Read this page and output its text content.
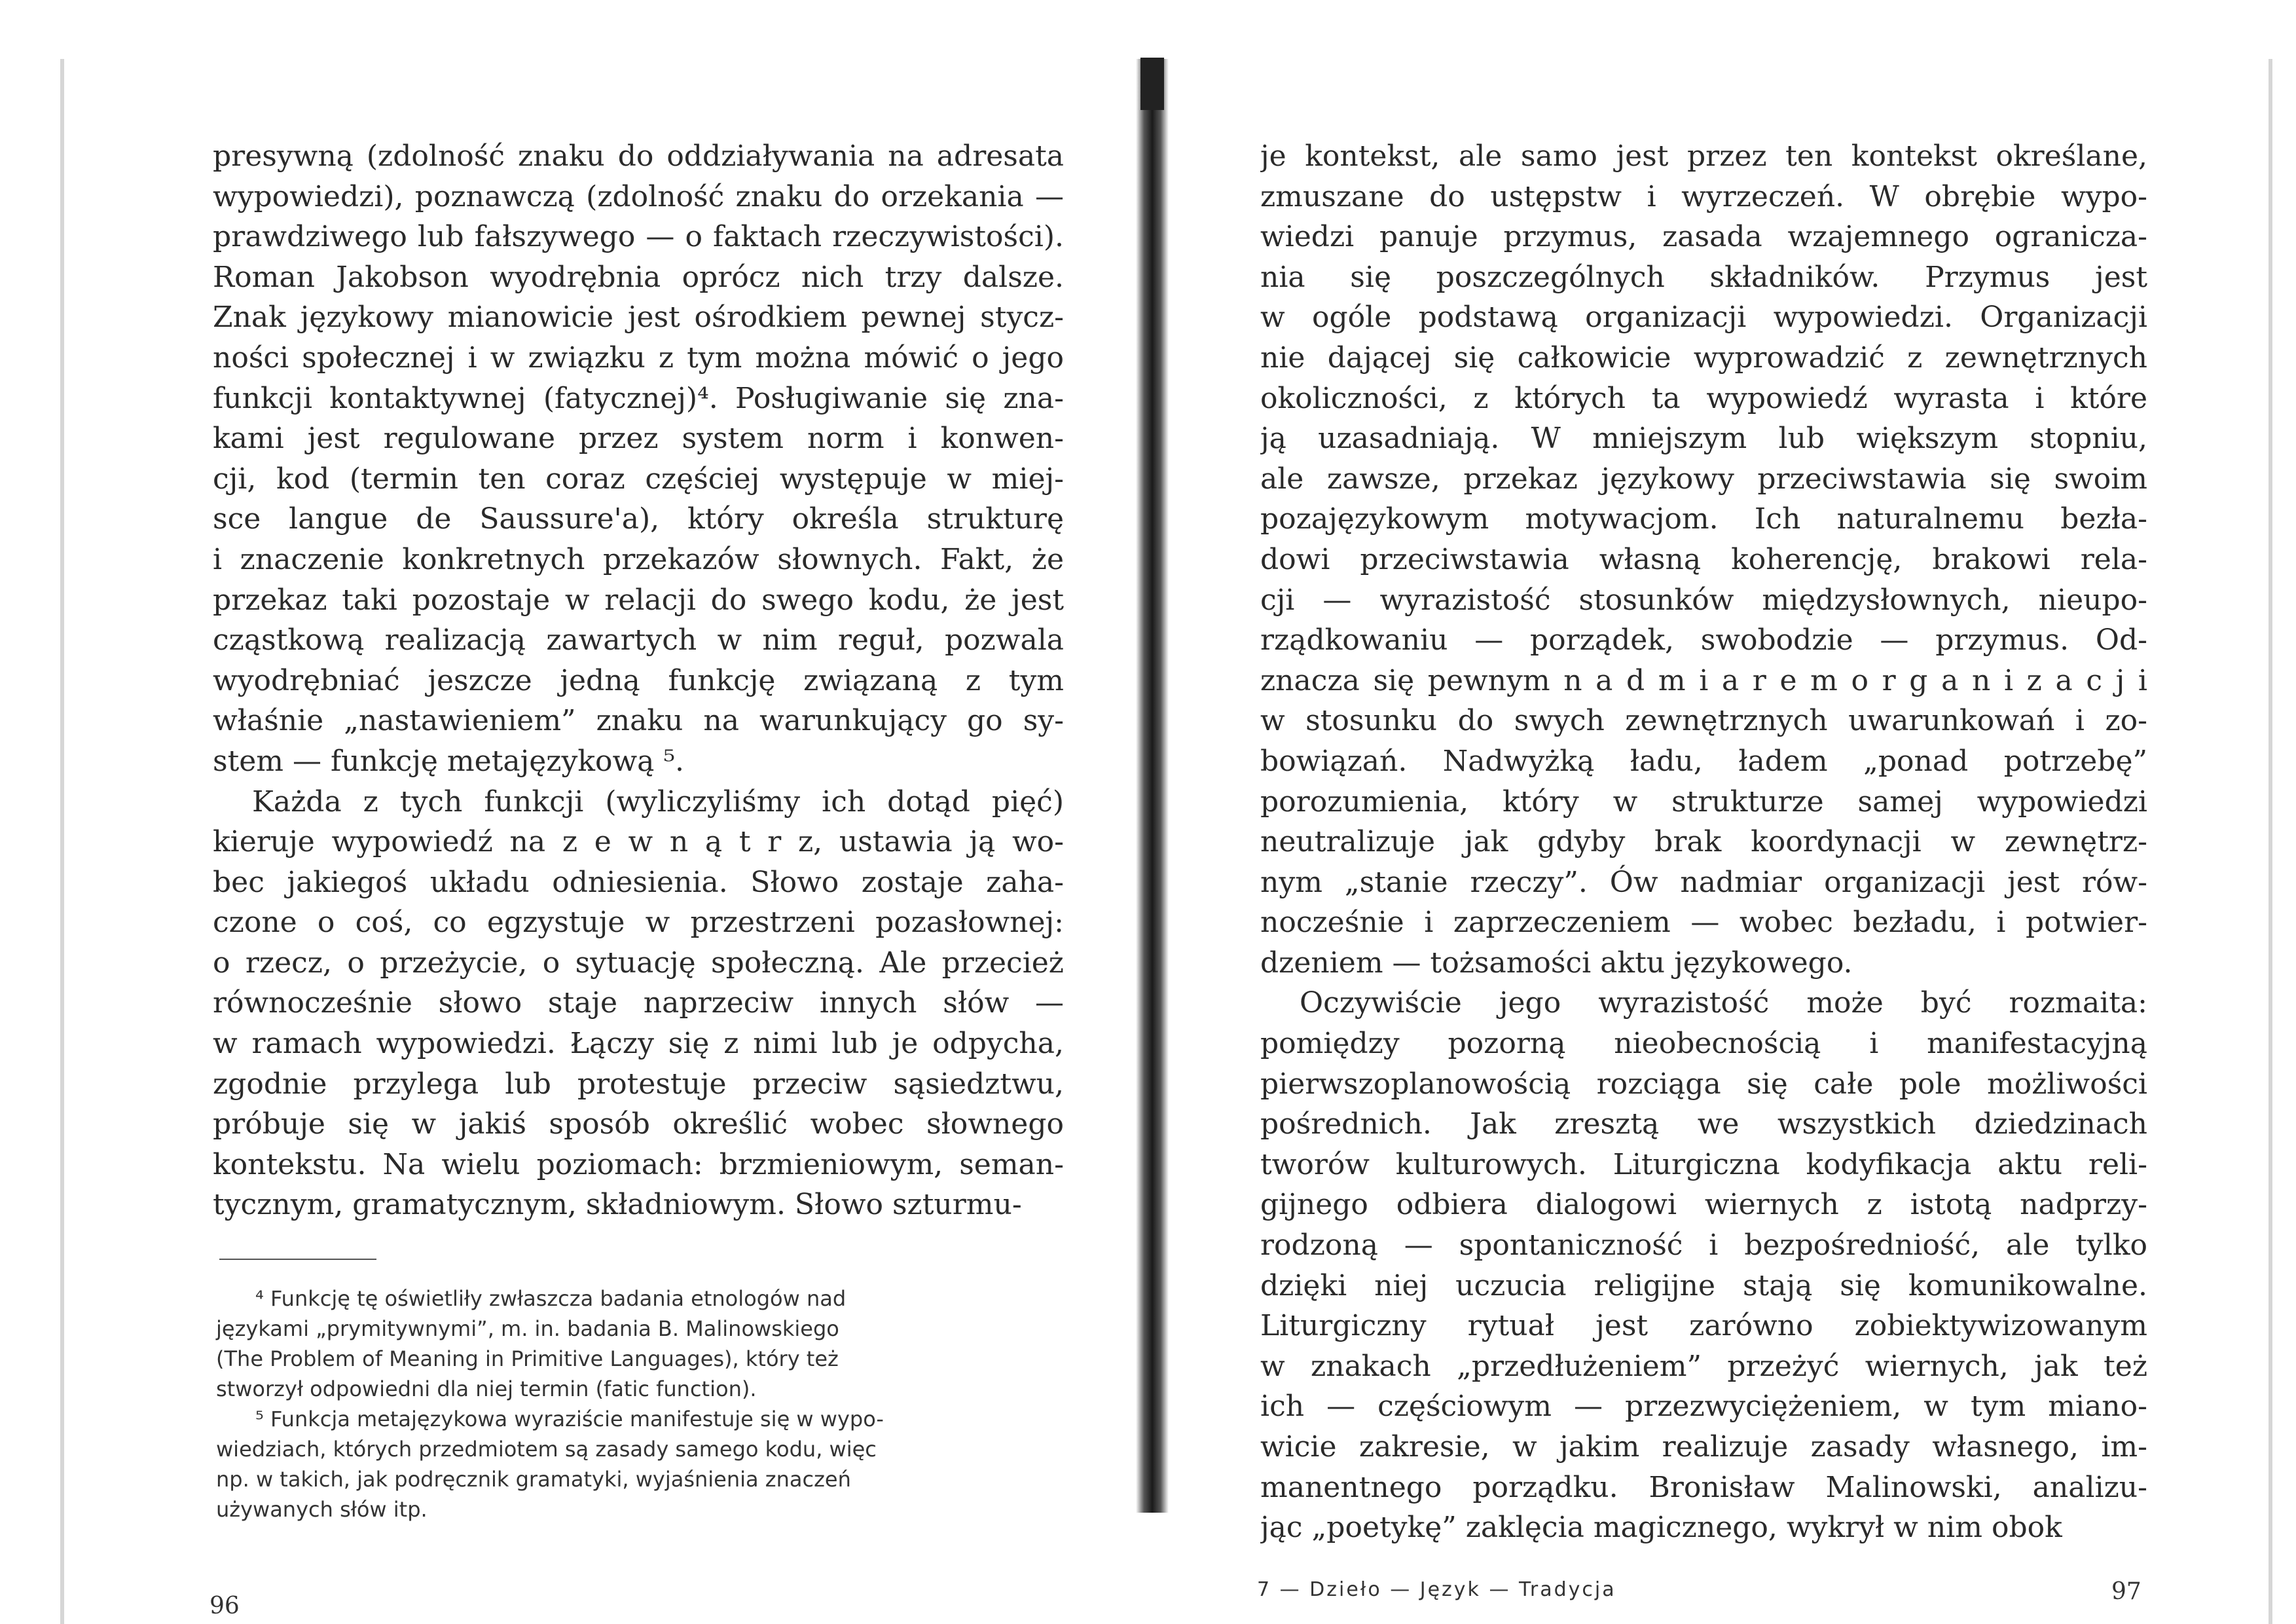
presywną (zdolność znaku do oddziaływania na adresata
wypowiedzi), poznawczą (zdolność znaku do orzekania —
prawdziwego lub fałszywego — o faktach rzeczywistości).
Roman Jakobson wyodrębnia oprócz nich trzy dalsze.
Znak językowy mianowicie jest ośrodkiem pewnej stycz-
ności społecznej i w związku z tym można mówić o jego
funkcji kontaktywnej (fatycznej)⁴. Posługiwanie się zna-
kami jest regulowane przez system norm i konwen-
cji, kod (termin ten coraz częściej występuje w miej-
sce langue de Saussure'a), który określa strukturę
i znaczenie konkretnych przekazów słownych. Fakt, że
przekaz taki pozostaje w relacji do swego kodu, że jest
cząstkową realizacją zawartych w nim reguł, pozwala
wyodrębniać jeszcze jedną funkcję związaną z tym
właśnie „nastawieniem” znaku na warunkujący go sy-
stem — funkcję metajęzykową ⁵.
Każda z tych funkcji (wyliczyliśmy ich dotąd pięć)
kieruje wypowiedź na z e w n ą t r z, ustawia ją wo-
bec jakiegoś układu odniesienia. Słowo zostaje zaha-
czone o coś, co egzystuje w przestrzeni pozasłownej:
o rzecz, o przeżycie, o sytuację społeczną. Ale przecież
równocześnie słowo staje naprzeciw innych słów —
w ramach wypowiedzi. Łączy się z nimi lub je odpycha,
zgodnie przylega lub protestuje przeciw sąsiedztwu,
próbuje się w jakiś sposób określić wobec słownego
kontekstu. Na wielu poziomach: brzmieniowym, seman-
tycznym, gramatycznym, składniowym. Słowo szturmu-
⁴ Funkcję tę oświetliły zwłaszcza badania etnologów nad
językami „prymitywnymi”, m. in. badania B. Malinowskiego
(The Problem of Meaning in Primitive Languages), który też
stworzył odpowiedni dla niej termin (fatic function).
⁵ Funkcja metajęzykowa wyraziście manifestuje się w wypo-
wiedziach, których przedmiotem są zasady samego kodu, więc
np. w takich, jak podręcznik gramatyki, wyjaśnienia znaczeń
używanych słów itp.
96
je kontekst, ale samo jest przez ten kontekst określane,
zmuszane do ustępstw i wyrzeczeń. W obrębie wypo-
wiedzi panuje przymus, zasada wzajemnego ogranicza-
nia się poszczególnych składników. Przymus jest
w ogóle podstawą organizacji wypowiedzi. Organizacji
nie dającej się całkowicie wyprowadzić z zewnętrznych
okoliczności, z których ta wypowiedź wyrasta i które
ją uzasadniają. W mniejszym lub większym stopniu,
ale zawsze, przekaz językowy przeciwstawia się swoim
pozajęzykowym motywacjom. Ich naturalnemu bezła-
dowi przeciwstawia własną koherencję, brakowi rela-
cji — wyrazistość stosunków międzysłownych, nieupo-
rządkowaniu — porządek, swobodzie — przymus. Od-
znacza się pewnym n a d m i a r e m o r g a n i z a c j i
w stosunku do swych zewnętrznych uwarunkowań i zo-
bowiązań. Nadwyżką ładu, ładem „ponad potrzebę”
porozumienia, który w strukturze samej wypowiedzi
neutralizuje jak gdyby brak koordynacji w zewnętrz-
nym „stanie rzeczy”. Ów nadmiar organizacji jest rów-
nocześnie i zaprzeczeniem — wobec bezładu, i potwier-
dzeniem — tożsamości aktu językowego.
Oczywiście jego wyrazistość może być rozmaita:
pomiędzy pozorną nieobecnością i manifestacyjną
pierwszoplanowością rozciąga się całe pole możliwości
pośrednich. Jak zresztą we wszystkich dziedzinach
tworów kulturowych. Liturgiczna kodyfikacja aktu reli-
gijnego odbiera dialogowi wiernych z istotą nadprzy-
rodzoną — spontaniczność i bezpośredniość, ale tylko
dzięki niej uczucia religijne stają się komunikowalne.
Liturgiczny rytuał jest zarówno zobiektywizowanym
w znakach „przedłużeniem” przeżyć wiernych, jak też
ich — częściowym — przezwyciężeniem, w tym miano-
wicie zakresie, w jakim realizuje zasady własnego, im-
manentnego porządku. Bronisław Malinowski, analizu-
jąc „poetykę” zaklęcia magicznego, wykrył w nim obok
7 — Dzieło — Język — Tradycja	97
